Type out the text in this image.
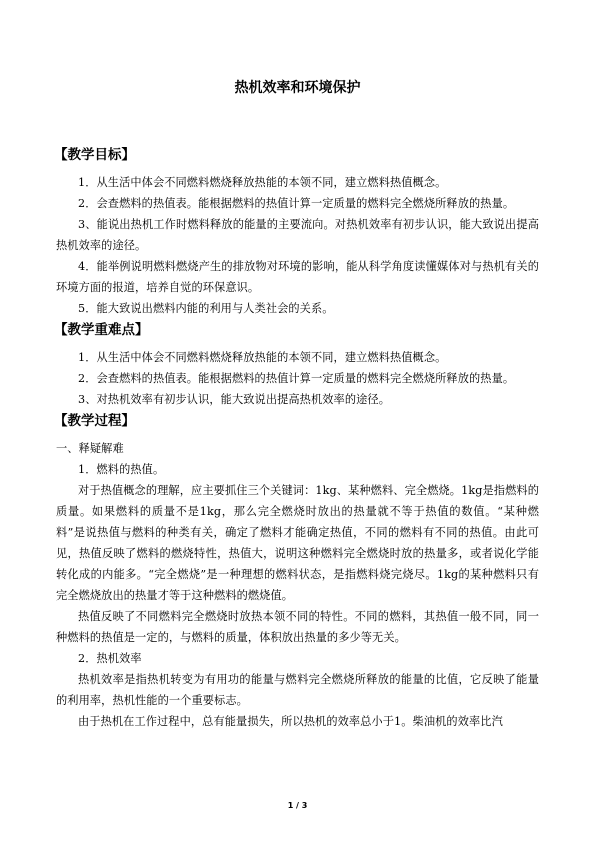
热机效率和环境保护
【教学目标】

1．从生活中体会不同燃料燃烧释放热能的本领不同，建立燃料热值概念。

2．会查燃料的热值表。能根据燃料的热值计算一定质量的燃料完全燃烧所释放的热量。

3、能说出热机工作时燃料释放的能量的主要流向。对热机效率有初步认识，能大致说出提高热机效率的途径。

4．能举例说明燃料燃烧产生的排放物对环境的影响，能从科学角度读懂媒体对与热机有关的环境方面的报道，培养自觉的环保意识。

5．能大致说出燃料内能的利用与人类社会的关系。

【教学重难点】

1．从生活中体会不同燃料燃烧释放热能的本领不同，建立燃料热值概念。

2．会查燃料的热值表。能根据燃料的热值计算一定质量的燃料完全燃烧所释放的热量。

3、对热机效率有初步认识，能大致说出提高热机效率的途径。

【教学过程】

一、释疑解难

1．燃料的热值。

对于热值概念的理解，应主要抓住三个关键词：1kg、某种燃料、完全燃烧。1kg是指燃料的质量。如果燃料的质量不是1kg，那么完全燃烧时放出的热量就不等于热值的数值。“某种燃料”是说热值与燃料的种类有关，确定了燃料才能确定热值，不同的燃料有不同的热值。由此可见，热值反映了燃料的燃烧特性，热值大，说明这种燃料完全燃烧时放的热量多，或者说化学能转化成的内能多。“完全燃烧”是一种理想的燃料状态，是指燃料烧完烧尽。1kg的某种燃料只有完全燃烧放出的热量才等于这种燃料的燃烧值。

热值反映了不同燃料完全燃烧时放热本领不同的特性。不同的燃料，其热值一般不同，同一种燃料的热值是一定的，与燃料的质量，体积放出热量的多少等无关。

2．热机效率

热机效率是指热机转变为有用功的能量与燃料完全燃烧所释放的能量的比值，它反映了能量的利用率，热机性能的一个重要标志。

由于热机在工作过程中，总有能量损失，所以热机的效率总小于1。柴油机的效率比汽

1 / 3
